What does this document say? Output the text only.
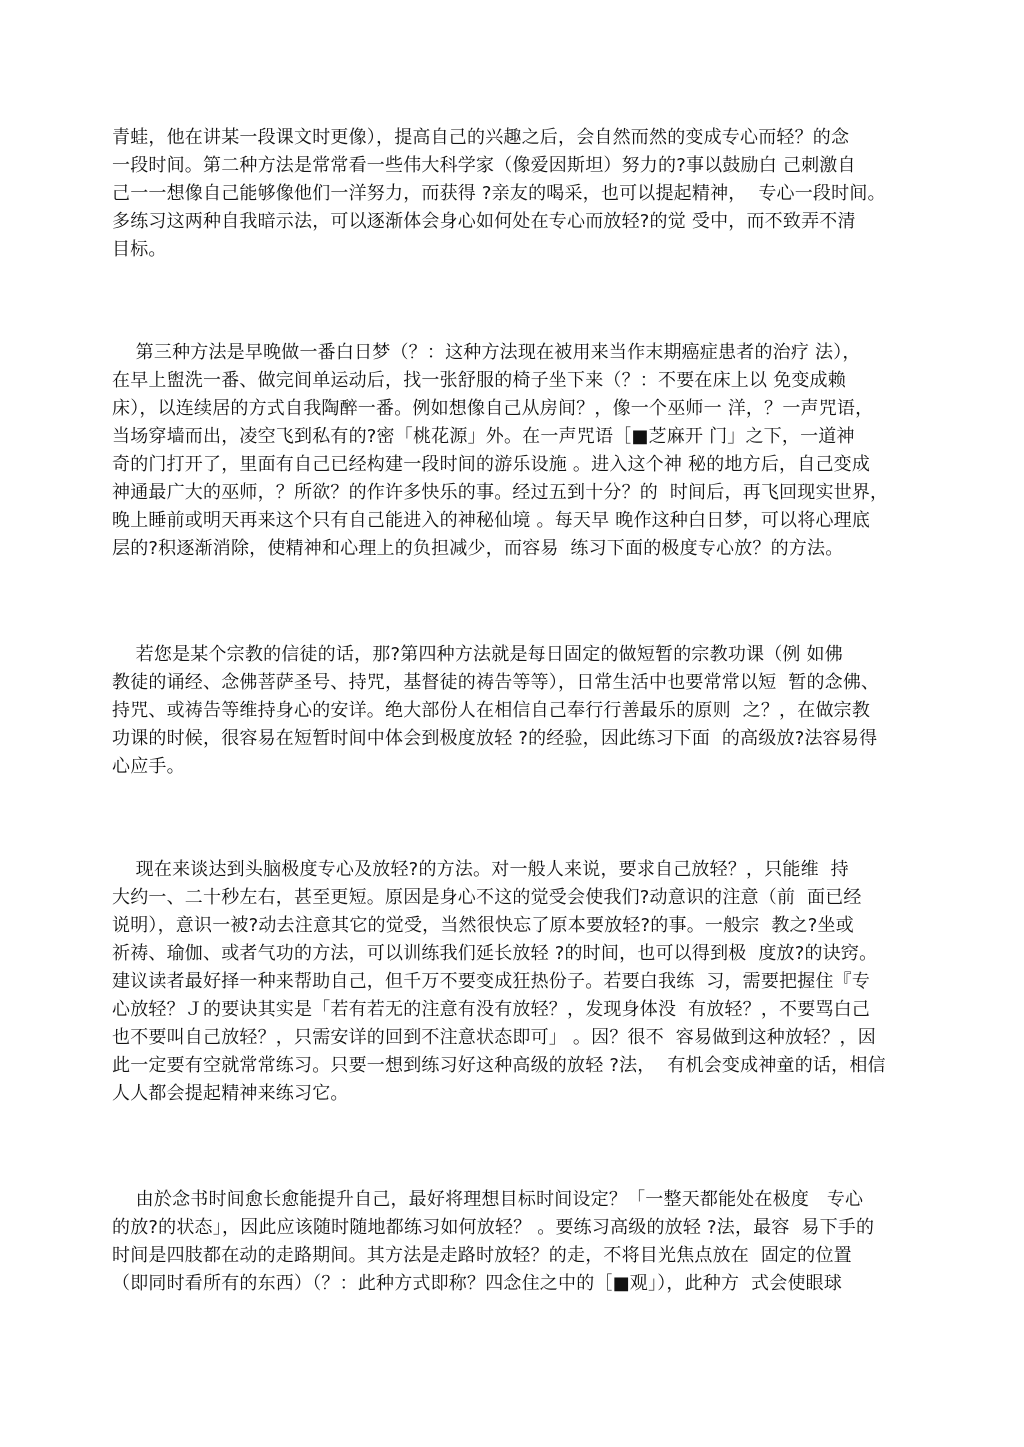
青蛙，他在讲某一段课文时更像），提高自己的兴趣之后，会自然而然的变成专心而轻？的念
一段时间。第二种方法是常常看一些伟大科学家（像爱因斯坦）努力的?事以鼓励白 己刺激自
己一一想像自己能够像他们一洋努力，而获得 ?亲友的喝采，也可以提起精神，  专心一段时间。
多练习这两种自我暗示法，可以逐渐体会身心如何处在专心而放轻?的觉 受中，而不致弄不清
目标。
第三种方法是早晚做一番白日梦（？：这种方法现在被用来当作末期癌症患者的治疗 法），
在早上盥洗一番、做完间单运动后，找一张舒服的椅子坐下来（？：不要在床上以 免变成赖
床），以连续居的方式自我陶醉一番。例如想像自己从房间？，像一个巫师一 洋，？一声咒语，
当场穿墙而出，凌空飞到私有的?密「桃花源」外。在一声咒语［■芝麻开 门」之下，一道神
奇的门打开了，里面有自己已经构建一段时间的游乐设施 。进入这个神 秘的地方后，自己变成
神通最广大的巫师，？所欲？的作许多快乐的事。经过五到十分？的  时间后，再飞回现实世界，
晚上睡前或明天再来这个只有自己能进入的神秘仙境 。每天早 晚作这种白日梦，可以将心理底
层的?积逐渐消除，使精神和心理上的负担减少，而容易  练习下面的极度专心放？的方法。
若您是某个宗教的信徒的话，那?第四种方法就是每日固定的做短暂的宗教功课（例 如佛
教徒的诵经、念佛菩萨圣号、持咒，基督徒的祷告等等），日常生活中也要常常以短  暂的念佛、
持咒、或祷告等维持身心的安详。绝大部份人在相信自己奉行行善最乐的原则  之？，在做宗教
功课的时候，很容易在短暂时间中体会到极度放轻 ?的经验，因此练习下面  的高级放?法容易得
心应手。
现在来谈达到头脑极度专心及放轻?的方法。对一般人来说，要求自己放轻？，只能维  持
大约一、二十秒左右，甚至更短。原因是身心不这的觉受会使我们?动意识的注意（前  面已经
说明），意识一被?动去注意其它的觉受，当然很快忘了原本要放轻?的事。一般宗  教之?坐或
祈祷、瑜伽、或者气功的方法，可以训练我们延长放轻 ?的时间，也可以得到极  度放?的诀窍。
建议读者最好择一种来帮助自己，但千万不要变成狂热份子。若要白我练  习，需要把握住『专
心放轻？Ｊ的要诀其实是「若有若无的注意有没有放轻？，发现身体没  有放轻？，不要骂白己
也不要叫自己放轻？，只需安详的回到不注意状态即可」 。因？很不  容易做到这种放轻？，因
此一定要有空就常常练习。只要一想到练习好这种高级的放轻 ?法，  有机会变成神童的话，相信
人人都会提起精神来练习它。
由於念书时间愈长愈能提升自己，最好将理想目标时间设定？「一整天都能处在极度   专心
的放?的状态」，因此应该随时随地都练习如何放轻？ 。要练习高级的放轻 ?法，最容  易下手的
时间是四肢都在动的走路期间。其方法是走路时放轻？的走，不将目光焦点放在  固定的位置
（即同时看所有的东西）（？：此种方式即称？四念住之中的［■观」），此种方  式会使眼球
